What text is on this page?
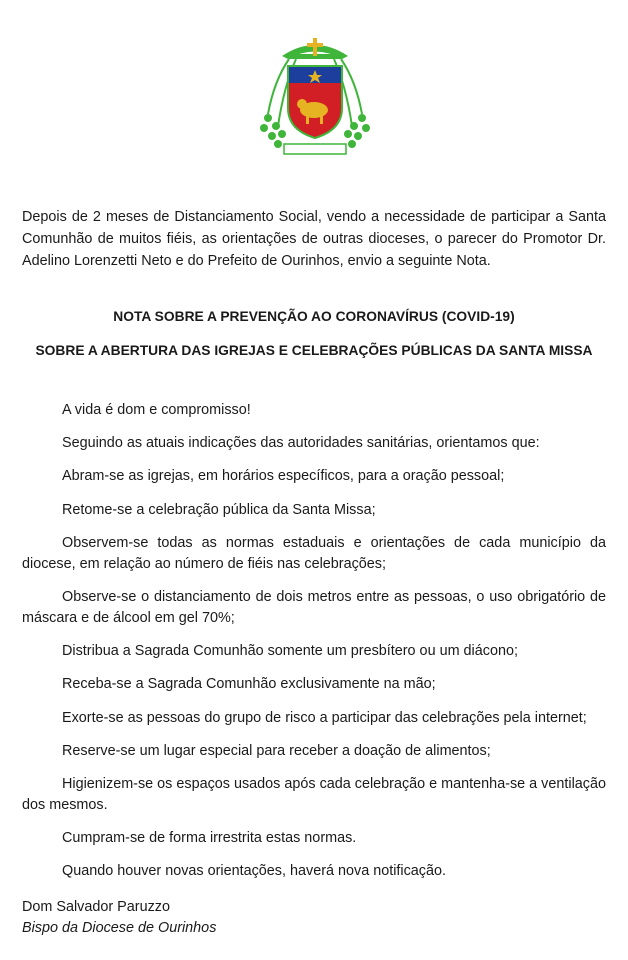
Depois de 2 meses de Distanciamento Social, vendo a necessidade de participar a Santa Comunhão de muitos fiéis, as orientações de outras dioceses, o parecer do Promotor Dr. Adelino Lorenzetti Neto e do Prefeito de Ourinhos, envio a seguinte Nota.

NOTA SOBRE A PREVENÇÃO AO CORONAVÍRUS (COVID-19)

SOBRE A ABERTURA DAS IGREJAS E CELEBRAÇÕES PÚBLICAS DA SANTA MISSA

A vida é dom e compromisso!

Seguindo as atuais indicações das autoridades sanitárias, orientamos que:

Abram-se as igrejas, em horários específicos, para a oração pessoal;

Retome-se a celebração pública da Santa Missa;

Observem-se todas as normas estaduais e orientações de cada município da diocese, em relação ao número de fiéis nas celebrações;

Observe-se o distanciamento de dois metros entre as pessoas, o uso obrigatório de máscara e de álcool em gel 70%;

Distribua a Sagrada Comunhão somente um presbítero ou um diácono;

Receba-se a Sagrada Comunhão exclusivamente na mão;

Exorte-se as pessoas do grupo de risco a participar das celebrações pela internet;

Reserve-se um lugar especial para receber a doação de alimentos;

Higienizem-se os espaços usados após cada celebração e mantenha-se a ventilação dos mesmos.

Cumpram-se de forma irrestrita estas normas.

Quando houver novas orientações, haverá nova notificação.

Dom Salvador Paruzzo
Bispo da Diocese de Ourinhos
